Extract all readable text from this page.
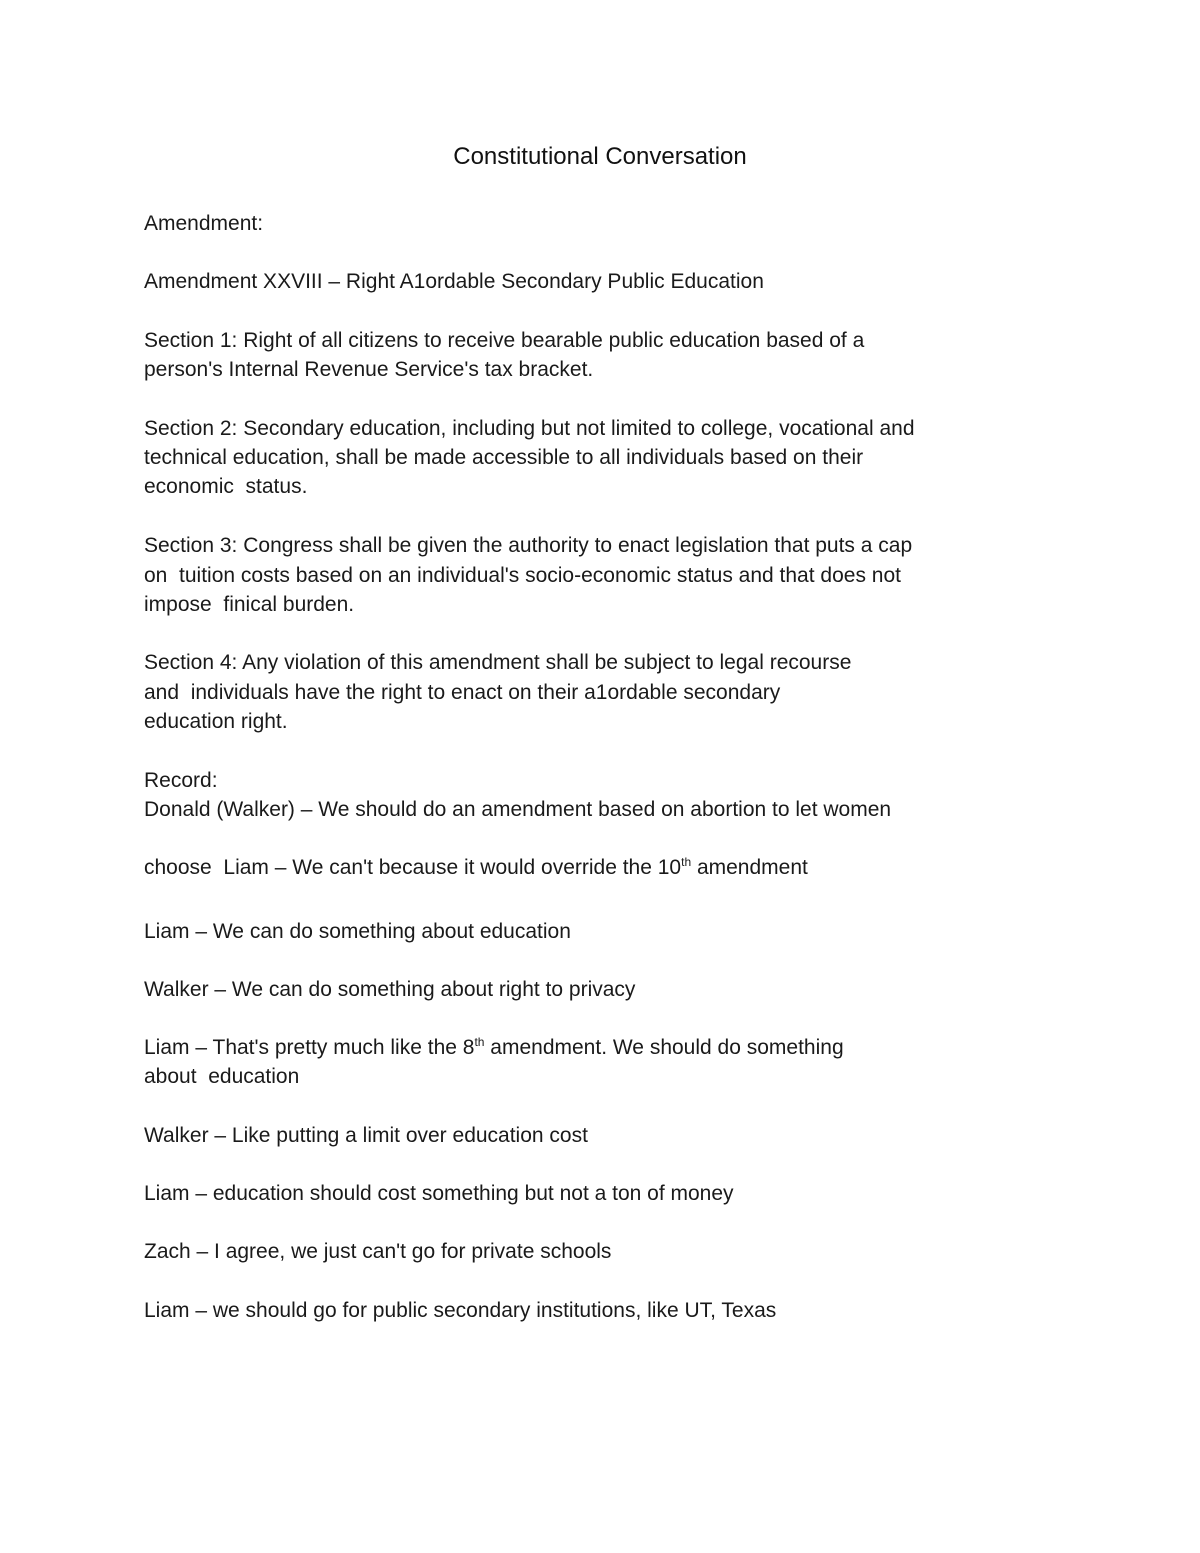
Constitutional Conversation
Amendment:
Amendment XXVIII – Right A1ordable Secondary Public Education
Section 1: Right of all citizens to receive bearable public education based of a
person's Internal Revenue Service's tax bracket.
Section 2: Secondary education, including but not limited to college, vocational and
technical education, shall be made accessible to all individuals based on their
economic  status.
Section 3: Congress shall be given the authority to enact legislation that puts a cap
on  tuition costs based on an individual's socio-economic status and that does not
impose  finical burden.
Section 4: Any violation of this amendment shall be subject to legal recourse
and  individuals have the right to enact on their a1ordable secondary
education right.
Record:
Donald (Walker) – We should do an amendment based on abortion to let women
choose  Liam – We can't because it would override the 10th amendment
Liam – We can do something about education
Walker – We can do something about right to privacy
Liam – That's pretty much like the 8th amendment. We should do something
about  education
Walker – Like putting a limit over education cost
Liam – education should cost something but not a ton of money
Zach – I agree, we just can't go for private schools
Liam – we should go for public secondary institutions, like UT, Texas
